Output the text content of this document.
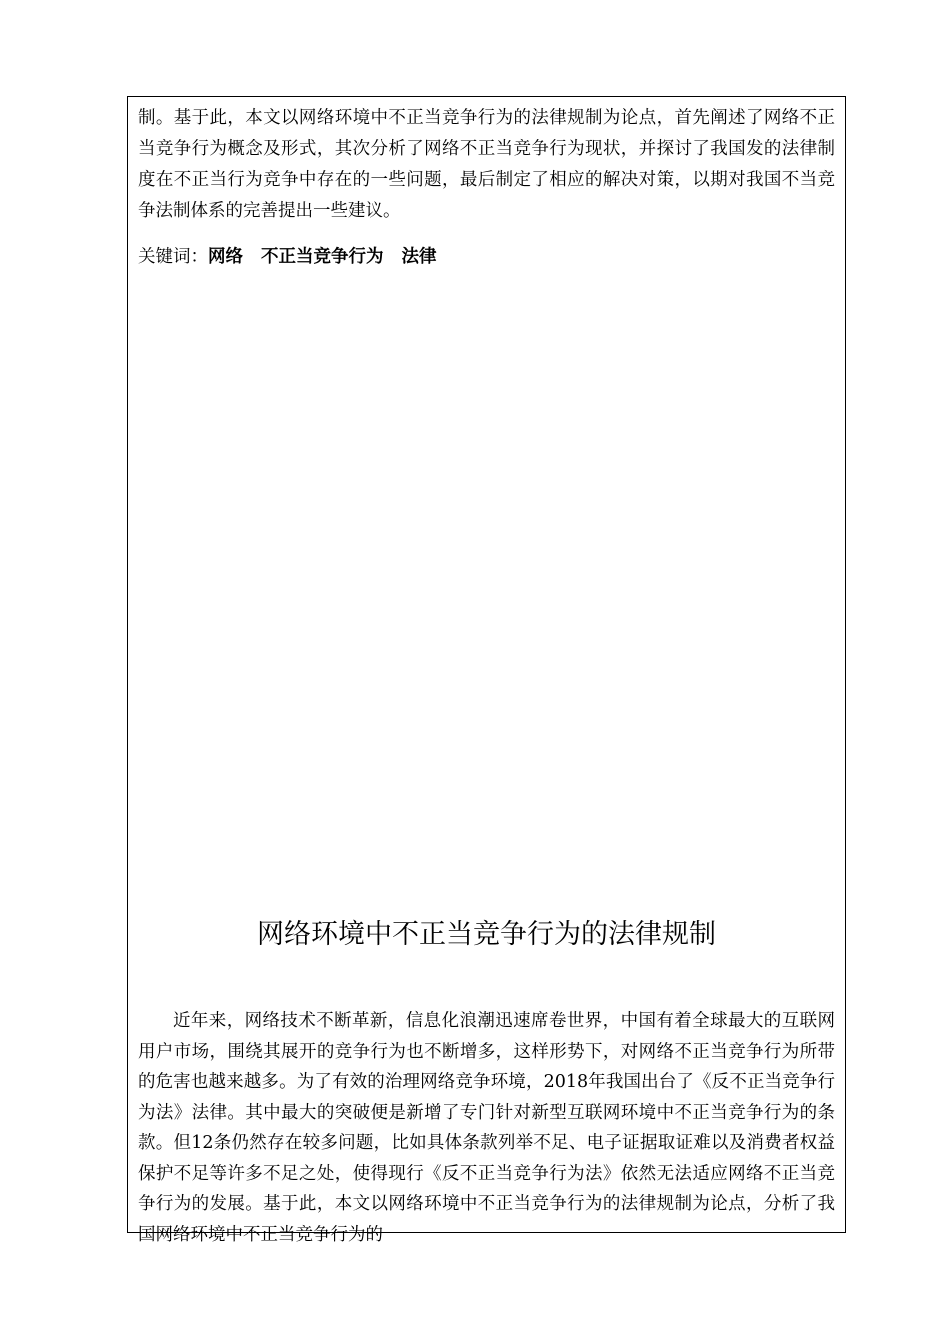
制。基于此，本文以网络环境中不正当竞争行为的法律规制为论点，首先阐述了网络不正当竞争行为概念及形式，其次分析了网络不正当竞争行为现状，并探讨了我国发的法律制度在不正当行为竞争中存在的一些问题，最后制定了相应的解决对策，以期对我国不当竞争法制体系的完善提出一些建议。

关键词：网络 不正当竞争行为 法律
网络环境中不正当竞争行为的法律规制

近年来，网络技术不断革新，信息化浪潮迅速席卷世界，中国有着全球最大的互联网用户市场，围绕其展开的竞争行为也不断增多，这样形势下，对网络不正当竞争行为所带的危害也越来越多。为了有效的治理网络竞争环境，2018年我国出台了《反不正当竞争行为法》法律。其中最大的突破便是新增了专门针对新型互联网环境中不正当竞争行为的条款。但12条仍然存在较多问题，比如具体条款列举不足、电子证据取证难以及消费者权益保护不足等许多不足之处，使得现行《反不正当竞争行为法》依然无法适应网络不正当竞争行为的发展。基于此，本文以网络环境中不正当竞争行为的法律规制为论点，分析了我国网络环境中不正当竞争行为的
